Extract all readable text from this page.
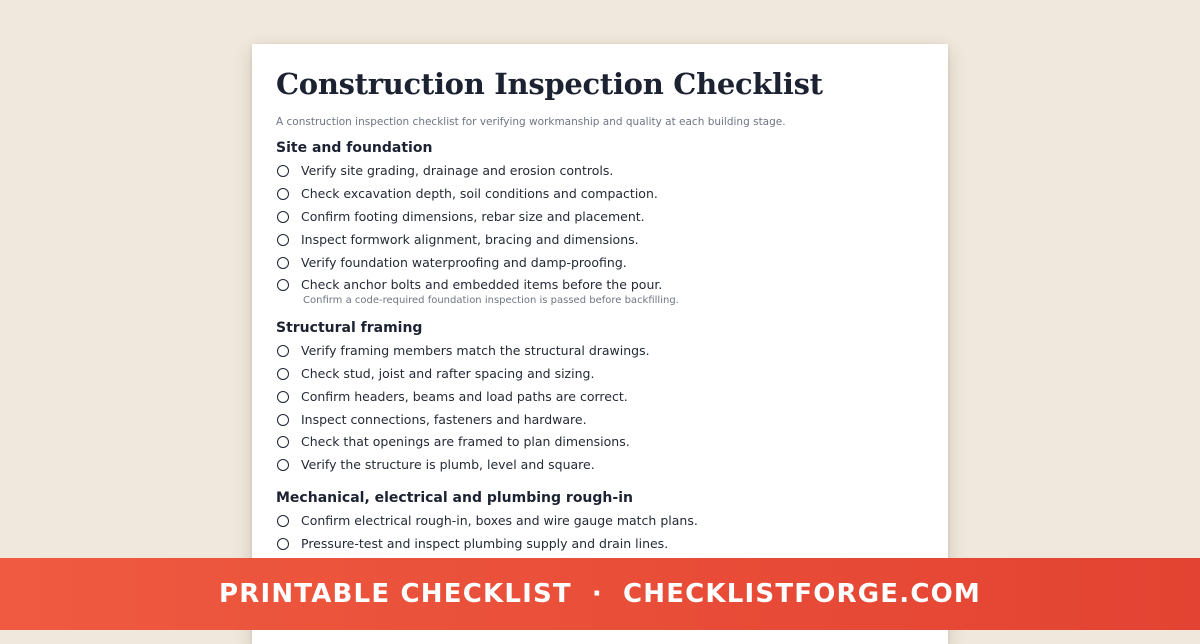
Construction Inspection Checklist

A construction inspection checklist for verifying workmanship and quality at each building stage.

Site and foundation
Verify site grading, drainage and erosion controls.
Check excavation depth, soil conditions and compaction.
Confirm footing dimensions, rebar size and placement.
Inspect formwork alignment, bracing and dimensions.
Verify foundation waterproofing and damp-proofing.
Check anchor bolts and embedded items before the pour.

Confirm a code-required foundation inspection is passed before backfilling.

Structural framing
Verify framing members match the structural drawings.
Check stud, joist and rafter spacing and sizing.
Confirm headers, beams and load paths are correct.
Inspect connections, fasteners and hardware.
Check that openings are framed to plan dimensions.
Verify the structure is plumb, level and square.
Mechanical, electrical and plumbing rough-in
Confirm electrical rough-in, boxes and wire gauge match plans.
Pressure-test and inspect plumbing supply and drain lines.
PRINTABLE CHECKLIST · CHECKLISTFORGE.COM
